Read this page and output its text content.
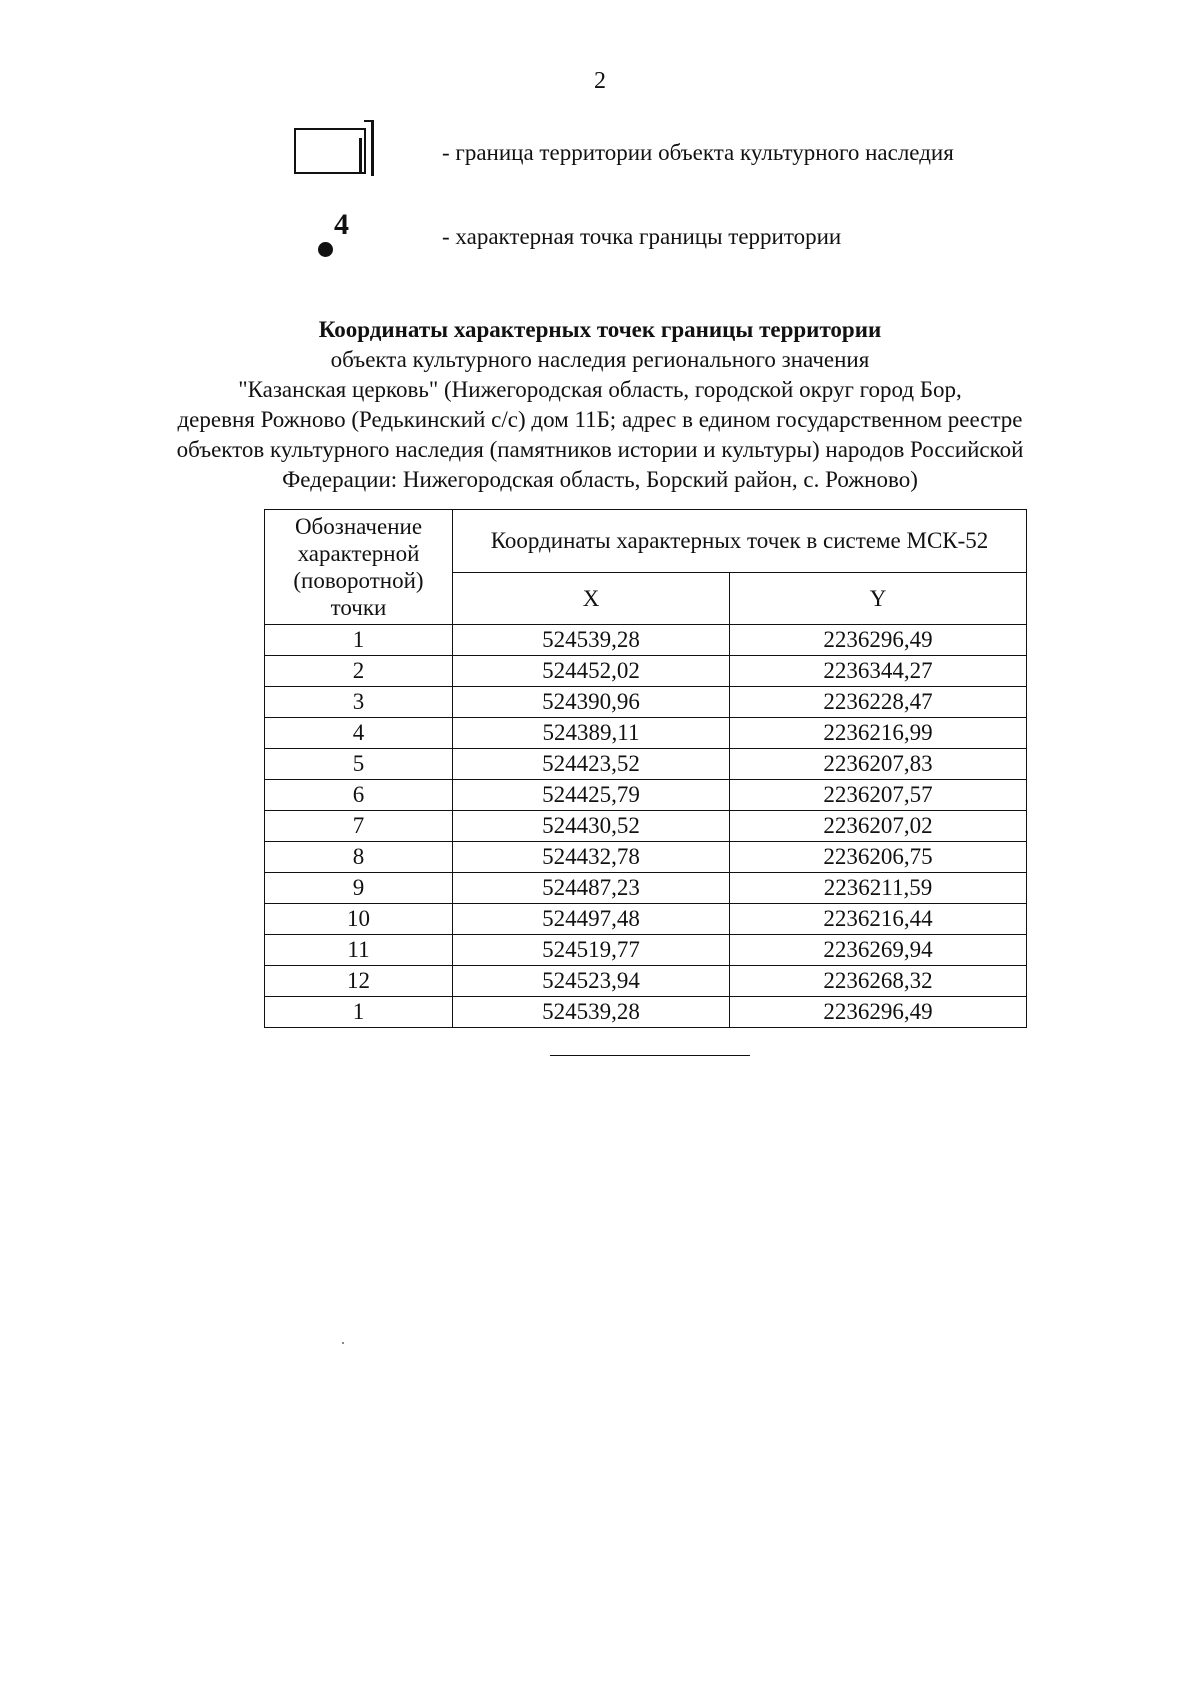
2
- граница территории объекта культурного наследия
4	- характерная точка границы территории
Координаты характерных точек границы территории
объекта культурного наследия регионального значения
"Казанская церковь" (Нижегородская область, городской округ город Бор,
деревня Рожново (Редькинский с/с) дом 11Б; адрес в едином государственном реестре
объектов культурного наследия (памятников истории и культуры) народов Российской
Федерации: Нижегородская область, Борский район, с. Рожново)
Обозначение
характерной
(поворотной)
точки	Координаты характерных точек в системе МСК-52	
	X	Y
1	524539,28	2236296,49
2	524452,02	2236344,27
3	524390,96	2236228,47
4	524389,11	2236216,99
5	524423,52	2236207,83
6	524425,79	2236207,57
7	524430,52	2236207,02
8	524432,78	2236206,75
9	524487,23	2236211,59
10	524497,48	2236216,44
11	524519,77	2236269,94
12	524523,94	2236268,32
1	524539,28	2236296,49
